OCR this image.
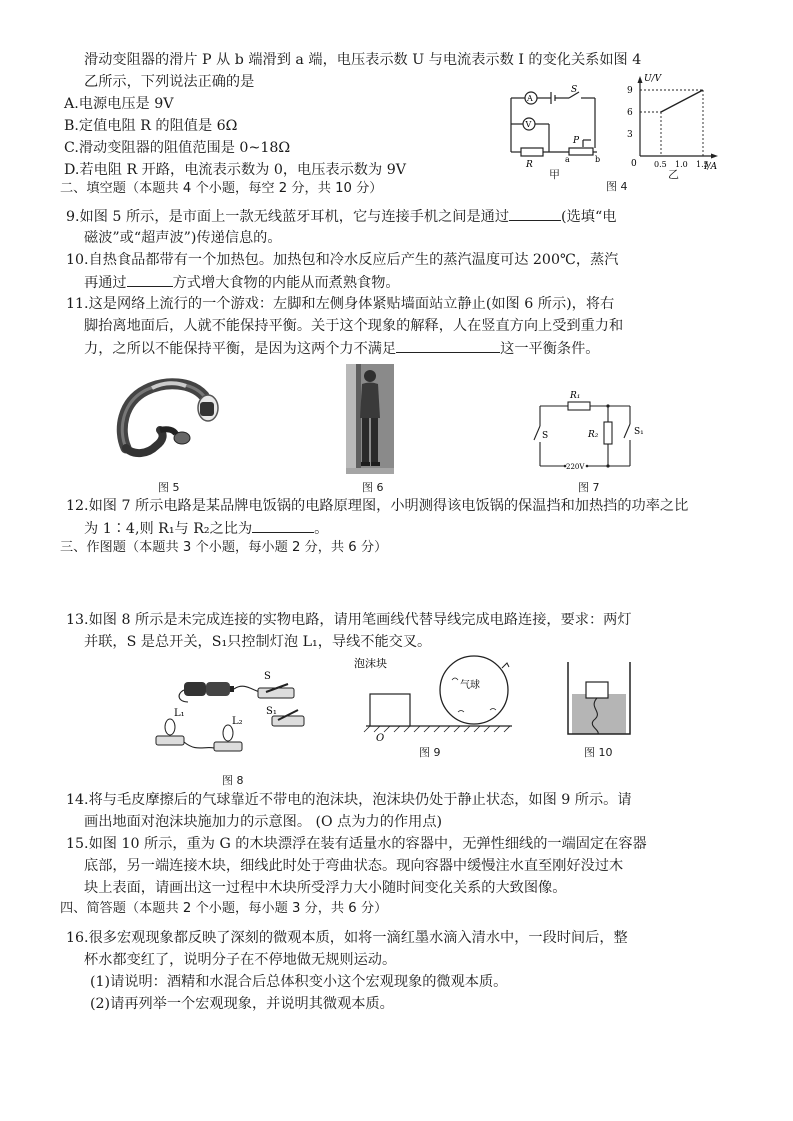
滑动变阻器的滑片 P 从 b 端滑到 a 端，电压表示数 U 与电流表示数 I 的变化关系如图 4
乙所示，下列说法正确的是
A.电源电压是 9V
B.定值电阻 R 的阻值是 6Ω
C.滑动变阻器的阻值范围是 0~18Ω
D.若电阻 R 开路，电流表示数为 0，电压表示数为 9V
A
V
S
R
P
a	b
甲
9
6
3
0.5 1.0 1.5
U/V
I/A
0
乙
图 4
二、填空题（本题共 4 个小题，每空 2 分，共 10 分）
9.如图 5 所示，是市面上一款无线蓝牙耳机，它与连接手机之间是通过	(选填“电
磁波”或“超声波”)传递信息的。
10.自热食品都带有一个加热包。加热包和冷水反应后产生的蒸汽温度可达 200℃，蒸汽
再通过	方式增大食物的内能从而煮熟食物。
11.这是网络上流行的一个游戏：左脚和左侧身体紧贴墙面站立静止(如图 6 所示)，将右
脚抬离地面后，人就不能保持平衡。关于这个现象的解释，人在竖直方向上受到重力和
力，之所以不能保持平衡，是因为这两个力不满足	这一平衡条件。
图 5	图 6
R₁
R₂
S	S₁
220V
图 7
12.如图 7 所示电路是某品牌电饭锅的电路原理图，小明测得该电饭锅的保温挡和加热挡的功率之比
为 1∶4,则 R₁与 R₂之比为	。
三、作图题（本题共 3 个小题，每小题 2 分，共 6 分）
13.如图 8 所示是未完成连接的实物电路，请用笔画线代替导线完成电路连接，要求：两灯
并联，S 是总开关，S₁只控制灯泡 L₁，导线不能交叉。
S
S₁
L₁
L₂
图 8
泡沫块
气球
O
图 9	图 10
14.将与毛皮摩擦后的气球靠近不带电的泡沫块，泡沫块仍处于静止状态，如图 9 所示。请
画出地面对泡沫块施加力的示意图。 (O 点为力的作用点)
15.如图 10 所示，重为 G 的木块漂浮在装有适量水的容器中，无弹性细线的一端固定在容器
底部，另一端连接木块，细线此时处于弯曲状态。现向容器中缓慢注水直至刚好没过木
块上表面，请画出这一过程中木块所受浮力大小随时间变化关系的大致图像。
四、简答题（本题共 2 个小题，每小题 3 分，共 6 分）
16.很多宏观现象都反映了深刻的微观本质，如将一滴红墨水滴入清水中，一段时间后，整
杯水都变红了，说明分子在不停地做无规则运动。
(1)请说明：酒精和水混合后总体积变小这个宏观现象的微观本质。
(2)请再列举一个宏观现象，并说明其微观本质。
